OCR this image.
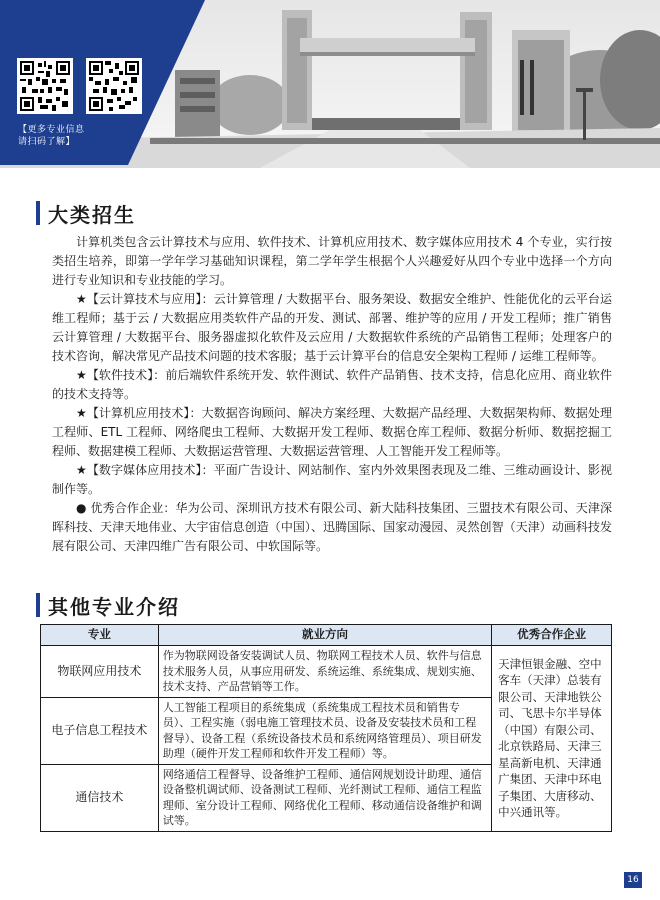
【更多专业信息
请扫码了解】
大类招生

计算机类包含云计算技术与应用、软件技术、计算机应用技术、数字媒体应用技术 4 个专业，实行按类招生培养，即第一学年学习基础知识课程，第二学年学生根据个人兴趣爱好从四个专业中选择一个方向进行专业知识和专业技能的学习。

★【云计算技术与应用】：云计算管理 / 大数据平台、服务架设、数据安全维护、性能优化的云平台运维工程师；基于云 / 大数据应用类软件产品的开发、测试、部署、维护等的应用 / 开发工程师；推广销售云计算管理 / 大数据平台、服务器虚拟化软件及云应用 / 大数据软件系统的产品销售工程师；处理客户的技术咨询，解决常见产品技术问题的技术客服；基于云计算平台的信息安全架构工程师 / 运维工程师等。

★【软件技术】：前后端软件系统开发、软件测试、软件产品销售、技术支持，信息化应用、商业软件的技术支持等。

★【计算机应用技术】：大数据咨询顾问、解决方案经理、大数据产品经理、大数据架构师、数据处理工程师、ETL 工程师、网络爬虫工程师、大数据开发工程师、数据仓库工程师、数据分析师、数据挖掘工程师、数据建模工程师、大数据运营管理、大数据运营管理、人工智能开发工程师等。

★【数字媒体应用技术】：平面广告设计、网站制作、室内外效果图表现及二维、三维动画设计、影视制作等。

● 优秀合作企业：华为公司、深圳讯方技术有限公司、新大陆科技集团、三盟技术有限公司、天津深晖科技、天津天地伟业、大宇宙信息创造（中国）、迅腾国际、国家动漫园、灵然创智（天津）动画科技发展有限公司、天津四维广告有限公司、中软国际等。

其他专业介绍
专业	就业方向	优秀合作企业
物联网应用技术	作为物联网设备安装调试人员、物联网工程技术人员、软件与信息技术服务人员，从事应用研发、系统运维、系统集成、规划实施、技术支持、产品营销等工作。	天津恒银金融、空中客车（天津）总装有限公司、天津地铁公司、飞思卡尔半导体（中国）有限公司、北京铁路局、天津三星高新电机、天津通广集团、天津中环电子集团、大唐移动、中兴通讯等。
电子信息工程技术	人工智能工程项目的系统集成（系统集成工程技术员和销售专员）、工程实施（弱电施工管理技术员、设备及安装技术员和工程督导）、设备工程（系统设备技术员和系统网络管理员）、项目研发助理（硬件开发工程师和软件开发工程师）等。	
通信技术	网络通信工程督导、设备维护工程师、通信网规划设计助理、通信设备整机调试师、设备测试工程师、光纤测试工程师、通信工程监理师、室分设计工程师、网络优化工程师、移动通信设备维护和调试等。	
16
